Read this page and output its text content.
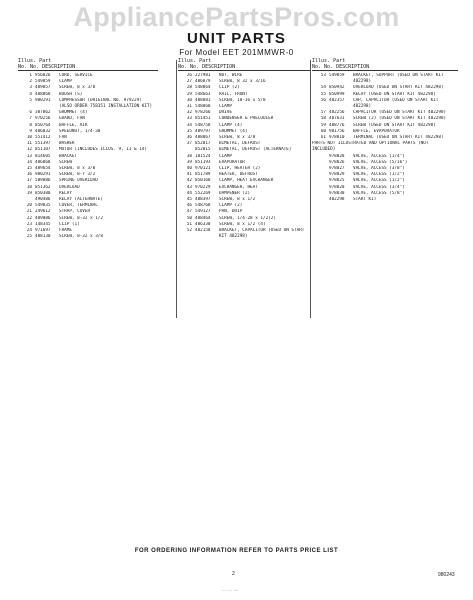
AppliancePartsPros.com
UNIT PARTS
For Model EET 201MMWR-0
Illus. Part
No. No. DESCRIPTION
1 956826 CORD, SERVICE
2 549859 CLAMP
3 489857 SCREW, 8 x 3/8
4 488868 BOOSH (S)
5 980291 COMPRESSOR (ORIGINAL NO. 979229) (ALSO ORDER 758351 INSTALLATION KIT)
6 387862 GROMMET (4)
7 970256 GUARD, FAN
8 850764 BAFFLE, AIR
9 486832 SPEEDNUT, 1/4-30
10 551412 FAN
11 551397 WASHER
12 851107 MOTOR (INCLUDES ILLUS. 9, 11 & 14)
13 814605 BRACKET
14 486868 SCREW
15 489654 SCREW, 8 x 3/8
16 980291 SCREW, 8-r 3/2
17 589886 SPRING OVERLOAD
18 851362 OVERLOAD
19 850380 RELAY
490486 RELAY (ALTERNATE)
20 549835 COVER, TERMINAL
21 249612 STRAP, COVER
22 489886 SCREW, 8-32 x 1/2
23 148345 CLIP (1)
24 971697 FRAME
25 488130 SCREW, 8-32 x 3/8
Illus. Part
No. No. DESCRIPTION
26 227981 NUT, WIRE
27 486879 SCREW, 8 32 x 3/16
28 548864 CLIP (2)
29 548663 RAIL, FRONT
30 488881 SCREW, 10-16 x 5/8
31 548868 CLAMP
32 978266 DRIVE
33 851451 CONDENSER & PRECOOLER
34 548758 CLAMP (4)
35 489797 GROMMET (4)
36 488867 SCREW, 8 x 3/8
37 852017 BIMETAL, DEFROST
852015 BIMETAL, DEFROST (ALTERNATE)
38 181524 CLAMP
39 851193 EVAPORATOR
40 970121 CLIP, HEATER (2)
41 851789 HEATER, DEFROST
42 850168 CLAMP, HEAT EXCHANGER
43 970229 EXCHANGER, HEAT
44 552269 DAMPENER (2)
45 488397 SCREW, 8 x 1/2
46 548768 CLAMP (2)
47 549127 PAN, DRIP
50 488464 SCREW, 1/4-28 x 1/2(2)
51 486330 SCREW, 8 x 1/2 (4)
52 482158 BRACKET, CAPACITOR (USED ON START KIT 482298)
Illus. Part
No. No. DESCRIPTION
53 549859 BRACKET, SUPPORT (USED ON START KIT 482298)
54 850942 OVERLOAD (USED ON START KIT 482298)
55 850999 RELAY (USED ON START KIT 482298)
56 482357 CAP, CAPACITOR (USED ON START KIT 482298)
57 482256 CAPACITOR (USED ON START KIT 482298)
58 487631 SCREW (2) (USED ON START KIT 482298)
59 488776 SCREW (USED ON START KIT 482298)
60 981756 BAFFLE, EVAPORATOR
61 978810 TERMINAL (USED ON START KIT 482298)
PARTS NOT ILLUSTRATED AND OPTIONAL PARTS (NOT INCLUDED)
978828 VALVE, ACCESS (1/4")
978826 VALVE, ACCESS (5/16")
978827 VALVE, ACCESS (3/8")
978829 VALVE, ACCESS (1/2")
978825 VALVE, ACCESS (1/2")
978820 VALVE, ACCESS (3/4")
978830 VALVE, ACCESS (5/8")
482298 START KIT
FOR ORDERING INFORMATION REFER TO PARTS PRICE LIST
2	980243
~~ ~~ ~~
